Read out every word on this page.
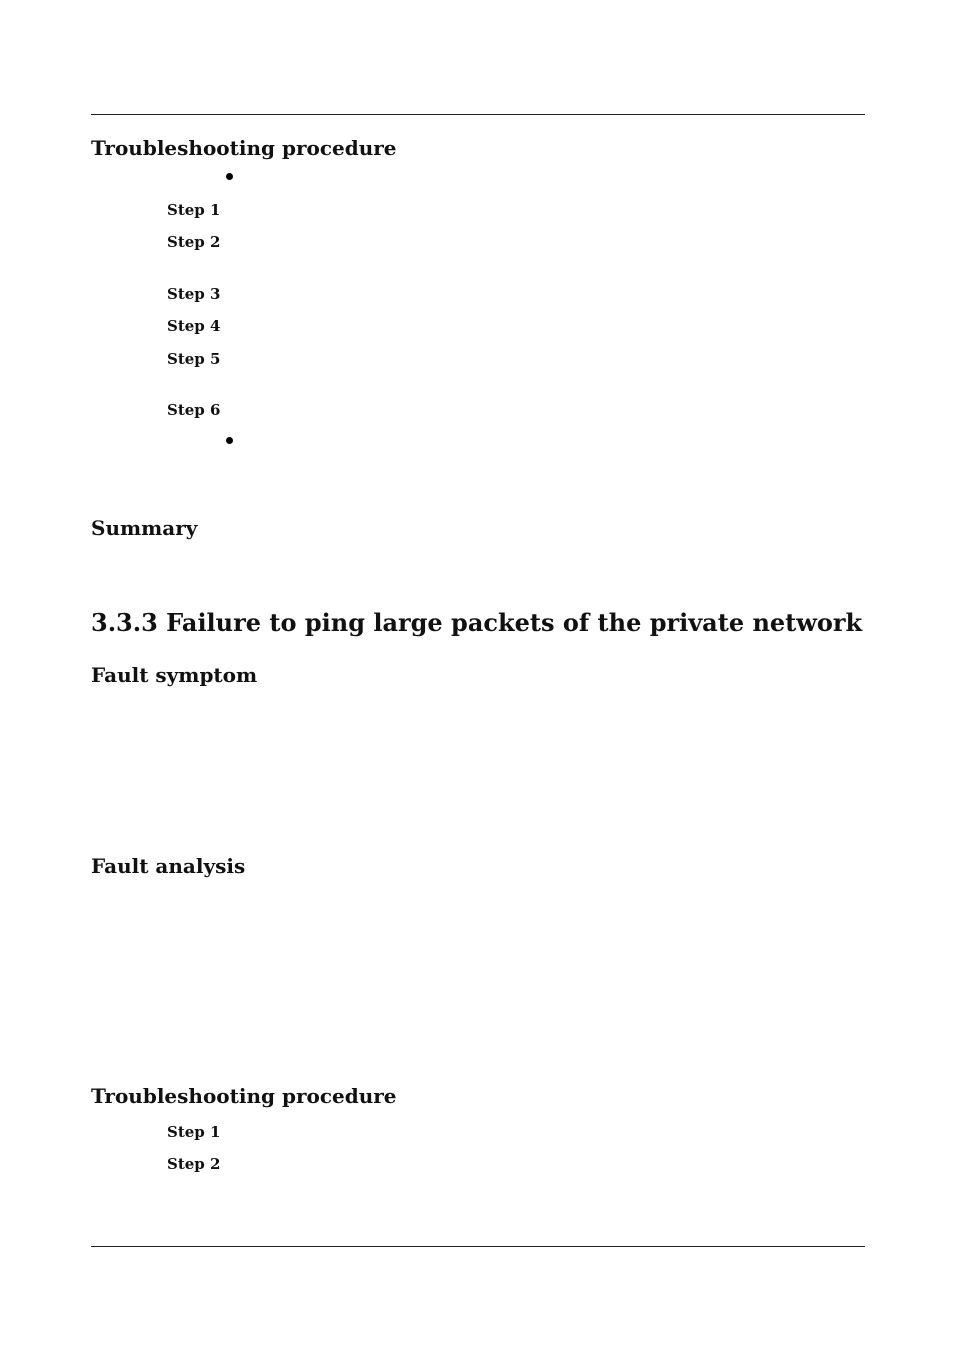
Troubleshooting procedure
Step 1
Step 2
Step 3
Step 4
Step 5
Step 6
Summary
3.3.3 Failure to ping large packets of the private network
Fault symptom
Fault analysis
Troubleshooting procedure
Step 1
Step 2
